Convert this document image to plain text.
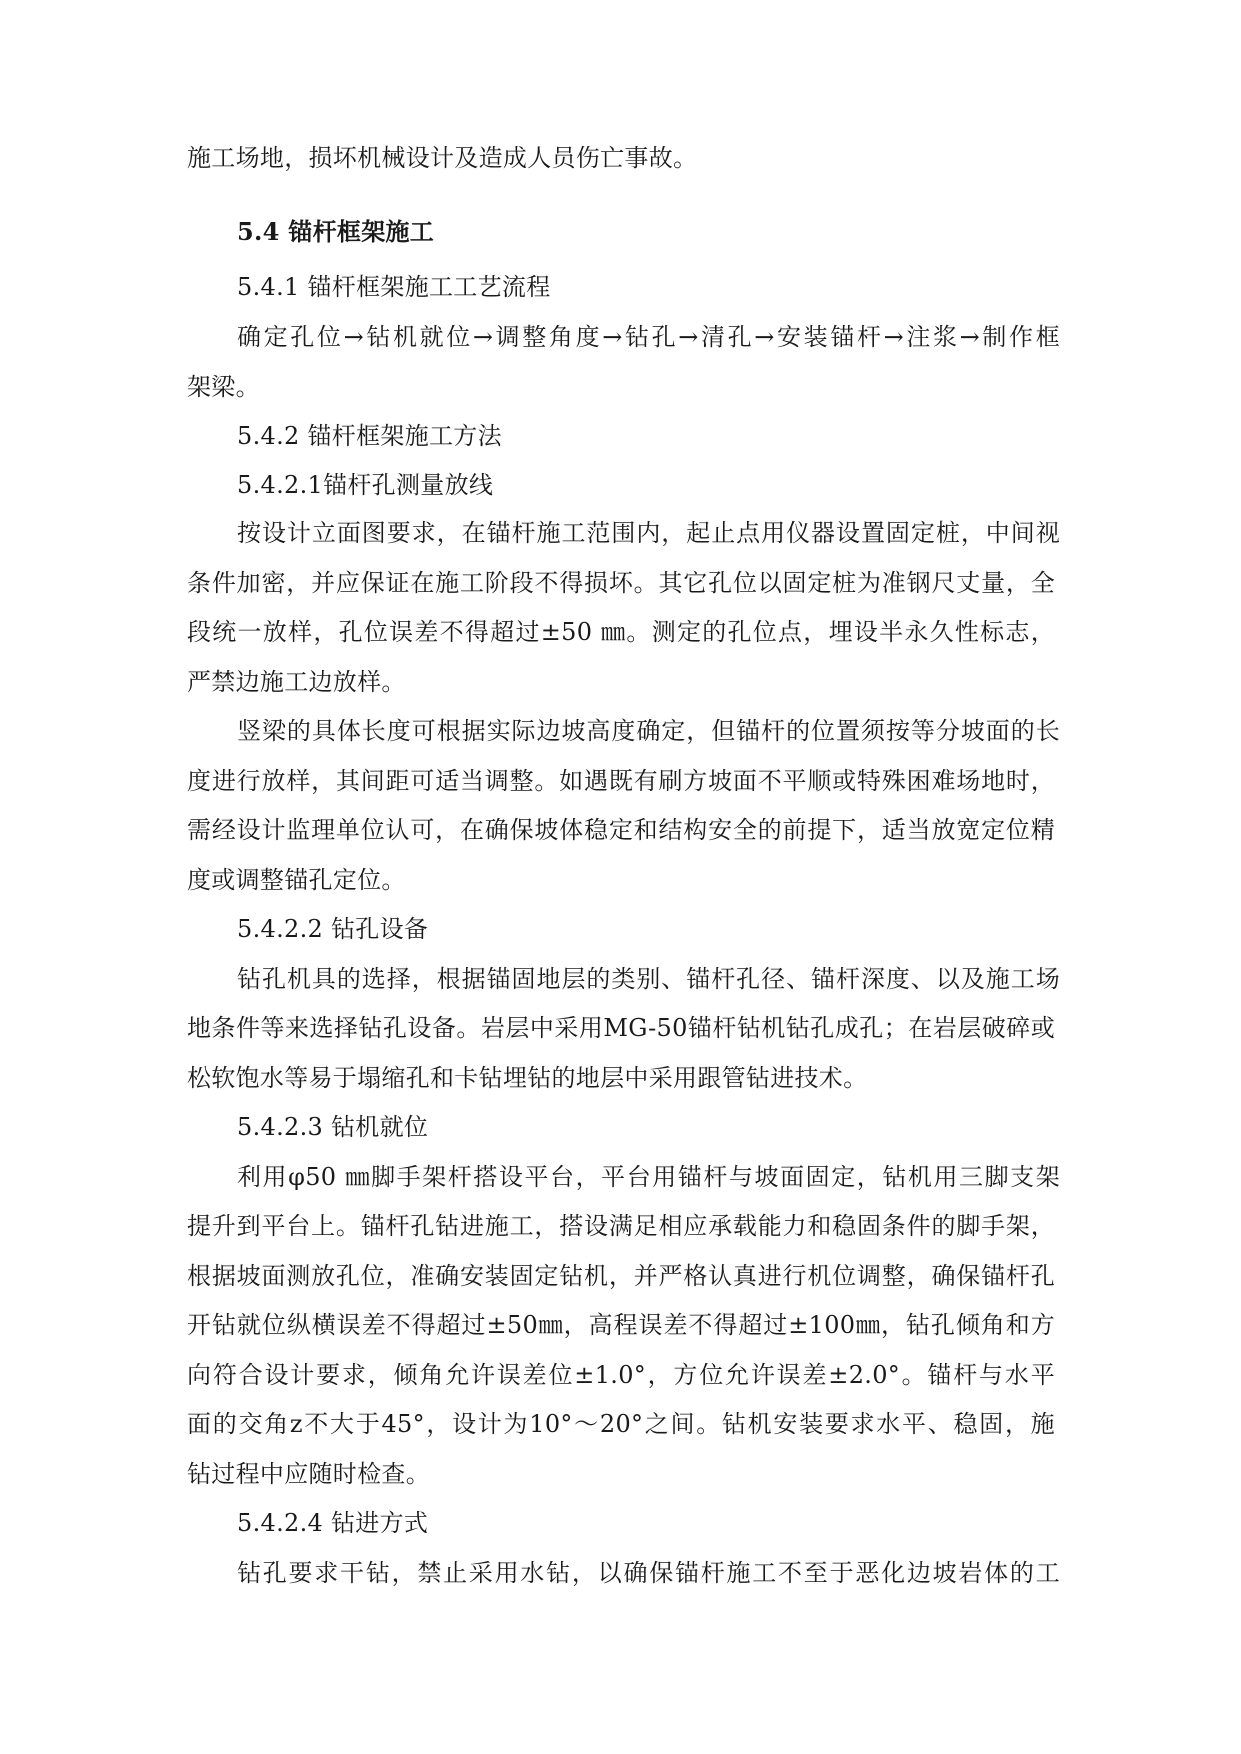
施工场地，损坏机械设计及造成人员伤亡事故。

5.4 锚杆框架施工

5.4.1 锚杆框架施工工艺流程

确定孔位→钻机就位→调整角度→钻孔→清孔→安装锚杆→注浆→制作框

架梁。

5.4.2 锚杆框架施工方法

5.4.2.1锚杆孔测量放线

按设计立面图要求，在锚杆施工范围内，起止点用仪器设置固定桩，中间视

条件加密，并应保证在施工阶段不得损坏。其它孔位以固定桩为准钢尺丈量，全

段统一放样，孔位误差不得超过±50 ㎜。测定的孔位点，埋设半永久性标志，

严禁边施工边放样。

竖梁的具体长度可根据实际边坡高度确定，但锚杆的位置须按等分坡面的长

度进行放样，其间距可适当调整。如遇既有刷方坡面不平顺或特殊困难场地时，

需经设计监理单位认可，在确保坡体稳定和结构安全的前提下，适当放宽定位精

度或调整锚孔定位。

5.4.2.2 钻孔设备

钻孔机具的选择，根据锚固地层的类别、锚杆孔径、锚杆深度、以及施工场

地条件等来选择钻孔设备。岩层中采用MG-50锚杆钻机钻孔成孔；在岩层破碎或

松软饱水等易于塌缩孔和卡钻埋钻的地层中采用跟管钻进技术。

5.4.2.3 钻机就位

利用φ50 ㎜脚手架杆搭设平台，平台用锚杆与坡面固定，钻机用三脚支架

提升到平台上。锚杆孔钻进施工，搭设满足相应承载能力和稳固条件的脚手架，

根据坡面测放孔位，准确安装固定钻机，并严格认真进行机位调整，确保锚杆孔

开钻就位纵横误差不得超过±50㎜，高程误差不得超过±100㎜，钻孔倾角和方

向符合设计要求，倾角允许误差位±1.0°，方位允许误差±2.0°。锚杆与水平

面的交角z不大于45°，设计为10°～20°之间。钻机安装要求水平、稳固，施

钻过程中应随时检查。

5.4.2.4 钻进方式

钻孔要求干钻，禁止采用水钻，以确保锚杆施工不至于恶化边坡岩体的工
